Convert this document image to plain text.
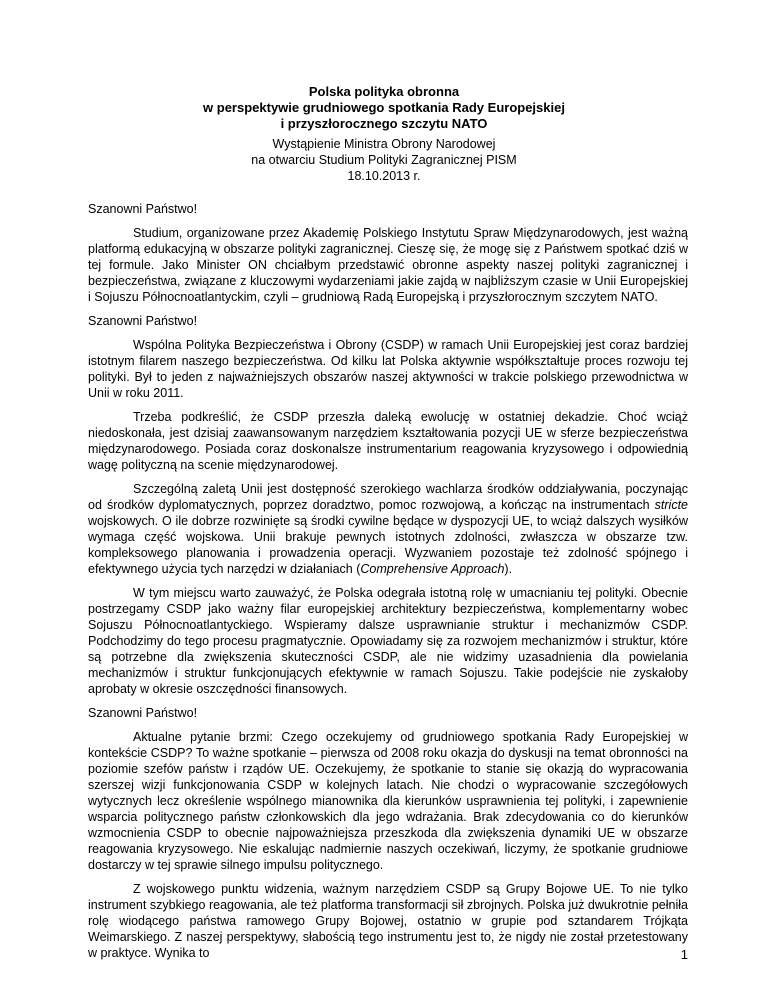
Polska polityka obronna
w perspektywie grudniowego spotkania Rady Europejskiej
i przyszłorocznego szczytu NATO
Wystąpienie Ministra Obrony Narodowej
na otwarciu Studium Polityki Zagranicznej PISM
18.10.2013 r.

Szanowni Państwo!

Studium, organizowane przez Akademię Polskiego Instytutu Spraw Międzynarodowych, jest ważną platformą edukacyjną w obszarze polityki zagranicznej. Cieszę się, że mogę się z Państwem spotkać dziś w tej formule. Jako Minister ON chciałbym przedstawić obronne aspekty naszej polityki zagranicznej i bezpieczeństwa, związane z kluczowymi wydarzeniami jakie zajdą w najbliższym czasie w Unii Europejskiej i Sojuszu Północnoatlantyckim, czyli – grudniową Radą Europejską i przyszłorocznym szczytem NATO.

Szanowni Państwo!

Wspólna Polityka Bezpieczeństwa i Obrony (CSDP) w ramach Unii Europejskiej jest coraz bardziej istotnym filarem naszego bezpieczeństwa. Od kilku lat Polska aktywnie współkształtuje proces rozwoju tej polityki. Był to jeden z najważniejszych obszarów naszej aktywności w trakcie polskiego przewodnictwa w Unii w roku 2011.

Trzeba podkreślić, że CSDP przeszła daleką ewolucję w ostatniej dekadzie. Choć wciąż niedoskonała, jest dzisiaj zaawansowanym narzędziem kształtowania pozycji UE w sferze bezpieczeństwa międzynarodowego. Posiada coraz doskonalsze instrumentarium reagowania kryzysowego i odpowiednią wagę polityczną na scenie międzynarodowej.

Szczególną zaletą Unii jest dostępność szerokiego wachlarza środków oddziaływania, poczynając od środków dyplomatycznych, poprzez doradztwo, pomoc rozwojową, a kończąc na instrumentach stricte wojskowych. O ile dobrze rozwinięte są środki cywilne będące w dyspozycji UE, to wciąż dalszych wysiłków wymaga część wojskowa. Unii brakuje pewnych istotnych zdolności, zwłaszcza w obszarze tzw. kompleksowego planowania i prowadzenia operacji. Wyzwaniem pozostaje też zdolność spójnego i efektywnego użycia tych narzędzi w działaniach (Comprehensive Approach).

W tym miejscu warto zauważyć, że Polska odegrała istotną rolę w umacnianiu tej polityki. Obecnie postrzegamy CSDP jako ważny filar europejskiej architektury bezpieczeństwa, komplementarny wobec Sojuszu Północnoatlantyckiego. Wspieramy dalsze usprawnianie struktur i mechanizmów CSDP. Podchodzimy do tego procesu pragmatycznie. Opowiadamy się za rozwojem mechanizmów i struktur, które są potrzebne dla zwiększenia skuteczności CSDP, ale nie widzimy uzasadnienia dla powielania mechanizmów i struktur funkcjonujących efektywnie w ramach Sojuszu. Takie podejście nie zyskałoby aprobaty w okresie oszczędności finansowych.

Szanowni Państwo!

Aktualne pytanie brzmi: Czego oczekujemy od grudniowego spotkania Rady Europejskiej w kontekście CSDP? To ważne spotkanie – pierwsza od 2008 roku okazja do dyskusji na temat obronności na poziomie szefów państw i rządów UE. Oczekujemy, że spotkanie to stanie się okazją do wypracowania szerszej wizji funkcjonowania CSDP w kolejnych latach. Nie chodzi o wypracowanie szczegółowych wytycznych lecz określenie wspólnego mianownika dla kierunków usprawnienia tej polityki, i zapewnienie wsparcia politycznego państw członkowskich dla jego wdrażania. Brak zdecydowania co do kierunków wzmocnienia CSDP to obecnie najpoważniejsza przeszkoda dla zwiększenia dynamiki UE w obszarze reagowania kryzysowego. Nie eskalując nadmiernie naszych oczekiwań, liczymy, że spotkanie grudniowe dostarczy w tej sprawie silnego impulsu politycznego.

Z wojskowego punktu widzenia, ważnym narzędziem CSDP są Grupy Bojowe UE. To nie tylko instrument szybkiego reagowania, ale też platforma transformacji sił zbrojnych. Polska już dwukrotnie pełniła rolę wiodącego państwa ramowego Grupy Bojowej, ostatnio w grupie pod sztandarem Trójkąta Weimarskiego. Z naszej perspektywy, słabością tego instrumentu jest to, że nigdy nie został przetestowany w praktyce. Wynika to	1
